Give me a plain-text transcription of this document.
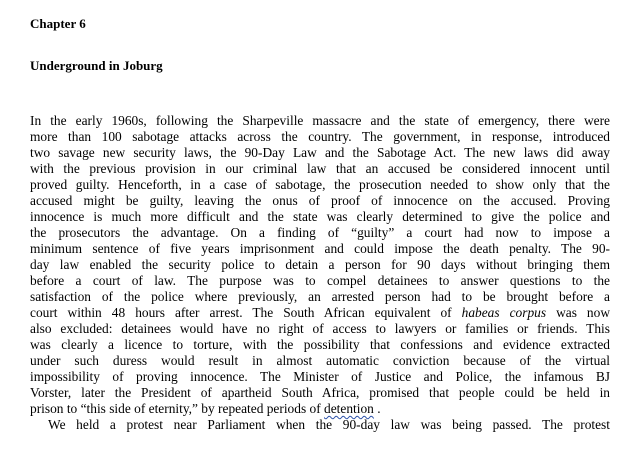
Chapter 6
Underground in Joburg

In the early 1960s, following the Sharpeville massacre and the state of emergency, there were

more than 100 sabotage attacks across the country. The government, in response, introduced

two savage new security laws, the 90-Day Law and the Sabotage Act. The new laws did away

with the previous provision in our criminal law that an accused be considered innocent until

proved guilty. Henceforth, in a case of sabotage, the prosecution needed to show only that the

accused might be guilty, leaving the onus of proof of innocence on the accused. Proving

innocence is much more difficult and the state was clearly determined to give the police and

the prosecutors the advantage. On a finding of “guilty” a court had now to impose a

minimum sentence of five years imprisonment and could impose the death penalty. The 90-

day law enabled the security police to detain a person for 90 days without bringing them

before a court of law. The purpose was to compel detainees to answer questions to the

satisfaction of the police where previously, an arrested person had to be brought before a

court within 48 hours after arrest. The South African equivalent of habeas corpus was now

also excluded: detainees would have no right of access to lawyers or families or friends. This

was clearly a licence to torture, with the possibility that confessions and evidence extracted

under such duress would result in almost automatic conviction because of the virtual

impossibility of proving innocence. The Minister of Justice and Police, the infamous BJ

Vorster, later the President of apartheid South Africa, promised that people could be held in

prison to “this side of eternity,” by repeated periods of detention .

We held a protest near Parliament when the 90-day law was being passed. The protest
